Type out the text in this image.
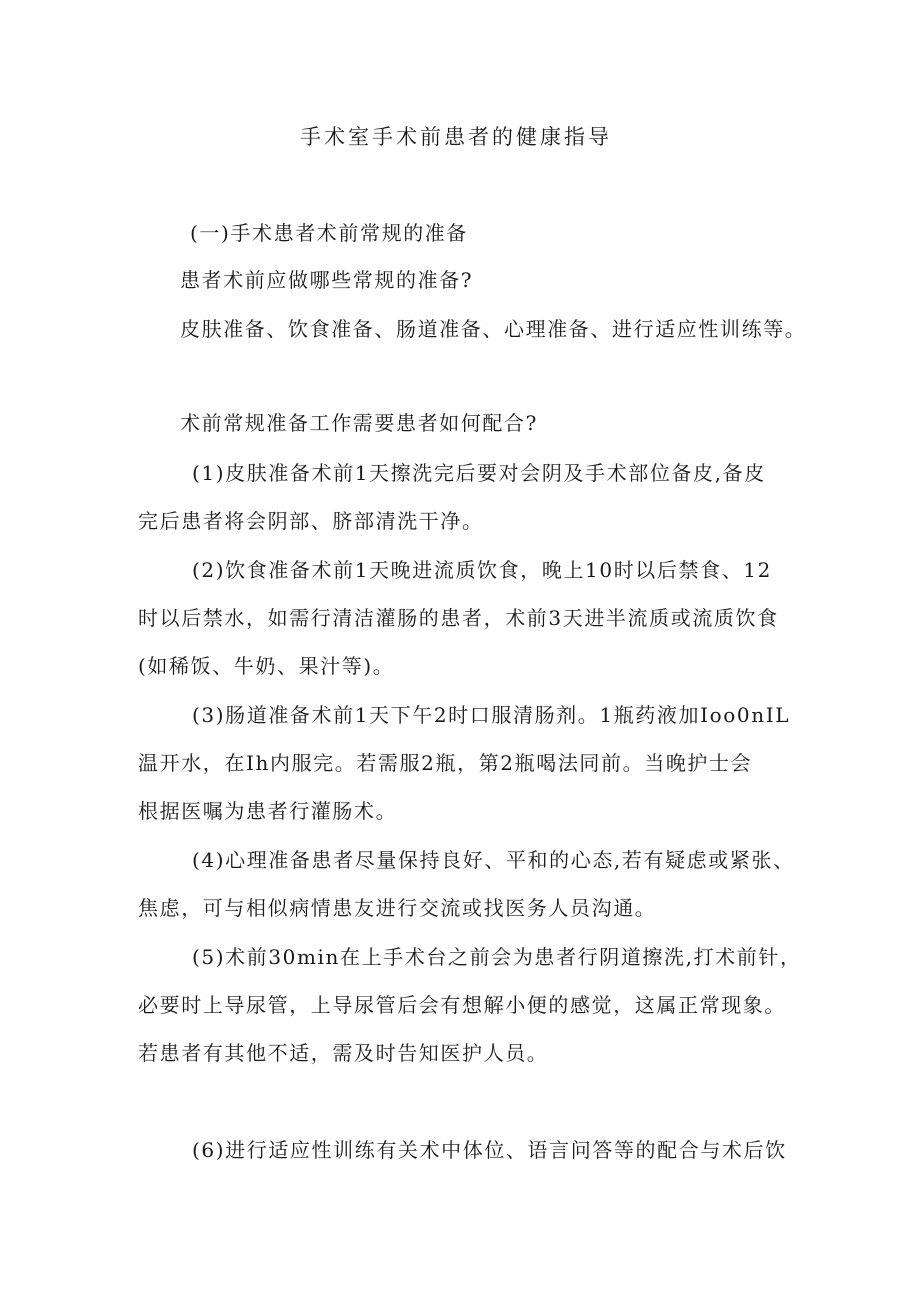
手术室手术前患者的健康指导
(一)手术患者术前常规的准备
患者术前应做哪些常规的准备?
皮肤准备、饮食准备、肠道准备、心理准备、进行适应性训练等。
术前常规准备工作需要患者如何配合?
(1)皮肤准备术前1天擦洗完后要对会阴及手术部位备皮,备皮
完后患者将会阴部、脐部清洗干净。
(2)饮食准备术前1天晚进流质饮食，晚上10时以后禁食、12
时以后禁水，如需行清洁灌肠的患者，术前3天进半流质或流质饮食
(如稀饭、牛奶、果汁等)。
(3)肠道准备术前1天下午2时口服清肠剂。1瓶药液加Ioo0nIL
温开水，在Ih内服完。若需服2瓶，第2瓶喝法同前。当晚护士会
根据医嘱为患者行灌肠术。
(4)心理准备患者尽量保持良好、平和的心态,若有疑虑或紧张、
焦虑，可与相似病情患友进行交流或找医务人员沟通。
(5)术前30min在上手术台之前会为患者行阴道擦洗,打术前针，
必要时上导尿管，上导尿管后会有想解小便的感觉，这属正常现象。
若患者有其他不适，需及时告知医护人员。
(6)进行适应性训练有关术中体位、语言问答等的配合与术后饮
